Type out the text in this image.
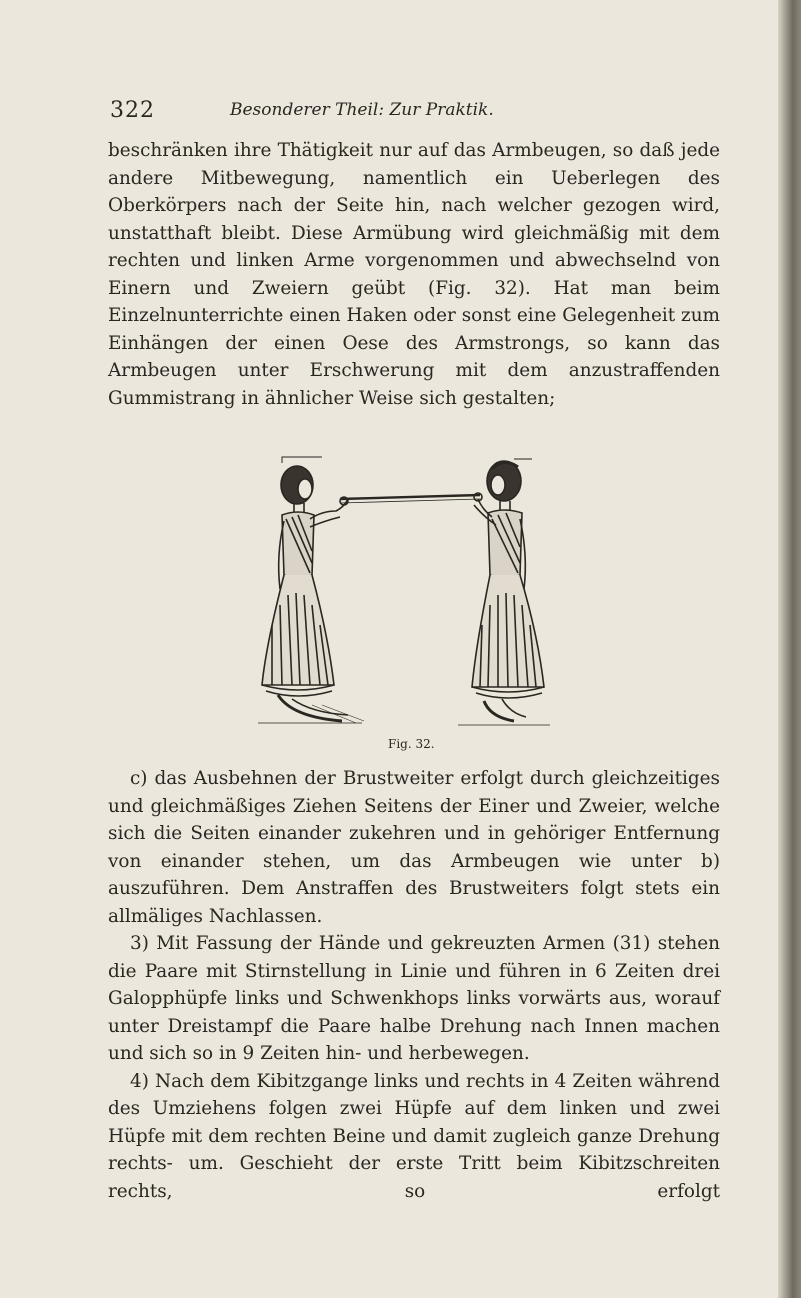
322	Besonderer Theil: Zur Praktik.
beschränken ihre Thätigkeit nur auf das Armbeugen, so daß jede andere Mitbewegung, namentlich ein Ueberlegen des Oberkörpers nach der Seite hin, nach welcher gezogen wird, unstatthaft bleibt. Diese Armübung wird gleichmäßig mit dem rechten und linken Arme vorgenommen und abwechselnd von Einern und Zweiern geübt (Fig. 32). Hat man beim Einzelnunterrichte einen Haken oder sonst eine Gelegenheit zum Einhängen der einen Oese des Armstrongs, so kann das Armbeugen unter Erschwerung mit dem anzustraffenden Gummistrang in ähnlicher Weise sich gestalten;
Fig. 32.

c) das Ausbehnen der Brustweiter erfolgt durch gleichzeitiges und gleichmäßiges Ziehen Seitens der Einer und Zweier, welche sich die Seiten einander zukehren und in gehöriger Entfernung von einander stehen, um das Armbeugen wie unter b) auszuführen. Dem Anstraffen des Brustweiters folgt stets ein allmäliges Nachlassen.

3) Mit Fassung der Hände und gekreuzten Armen (31) stehen die Paare mit Stirnstellung in Linie und führen in 6 Zeiten drei Galopphüpfe links und Schwenkhops links vorwärts aus, worauf unter Dreistampf die Paare halbe Drehung nach Innen machen und sich so in 9 Zeiten hin- und herbewegen.

4) Nach dem Kibitzgange links und rechts in 4 Zeiten während des Umziehens folgen zwei Hüpfe auf dem linken und zwei Hüpfe mit dem rechten Beine und damit zugleich ganze Drehung rechts- um. Geschieht der erste Tritt beim Kibitzschreiten rechts, so erfolgt
